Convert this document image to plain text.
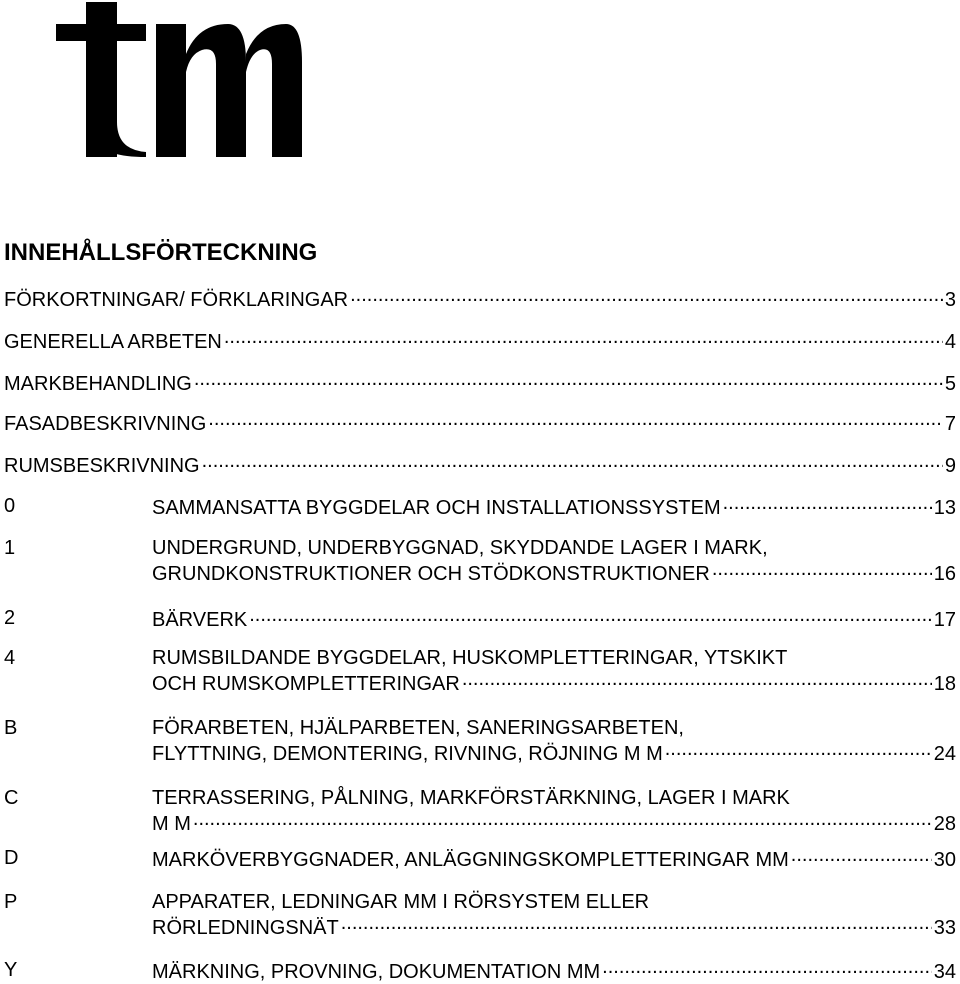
INNEHÅLLSFÖRTECKNING
FÖRKORTNINGAR/ FÖRKLARINGAR .....	3
GENERELLA ARBETEN .....	4
MARKBEHANDLING .....	5
FASADBESKRIVNING .....	7
RUMSBESKRIVNING .....	9
0	SAMMANSATTA BYGGDELAR OCH INSTALLATIONSSYSTEM .....	13
1	UNDERGRUND, UNDERBYGGNAD, SKYDDANDE LAGER I MARK,
GRUNDKONSTRUKTIONER OCH STÖDKONSTRUKTIONER .....	16
2	BÄRVERK .....	17
4	RUMSBILDANDE BYGGDELAR, HUSKOMPLETTERINGAR, YTSKIKT
OCH RUMSKOMPLETTERINGAR .....	18
B	FÖRARBETEN, HJÄLPARBETEN, SANERINGSARBETEN,
FLYTTNING, DEMONTERING, RIVNING, RÖJNING M M .....	24
C	TERRASSERING, PÅLNING, MARKFÖRSTÄRKNING, LAGER I MARK
M M .....	28
D	MARKÖVERBYGGNADER, ANLÄGGNINGSKOMPLETTERINGAR MM .....	30
P	APPARATER, LEDNINGAR MM I RÖRSYSTEM ELLER
RÖRLEDNINGSNÄT .....	33
Y	MÄRKNING, PROVNING, DOKUMENTATION MM .....	34
